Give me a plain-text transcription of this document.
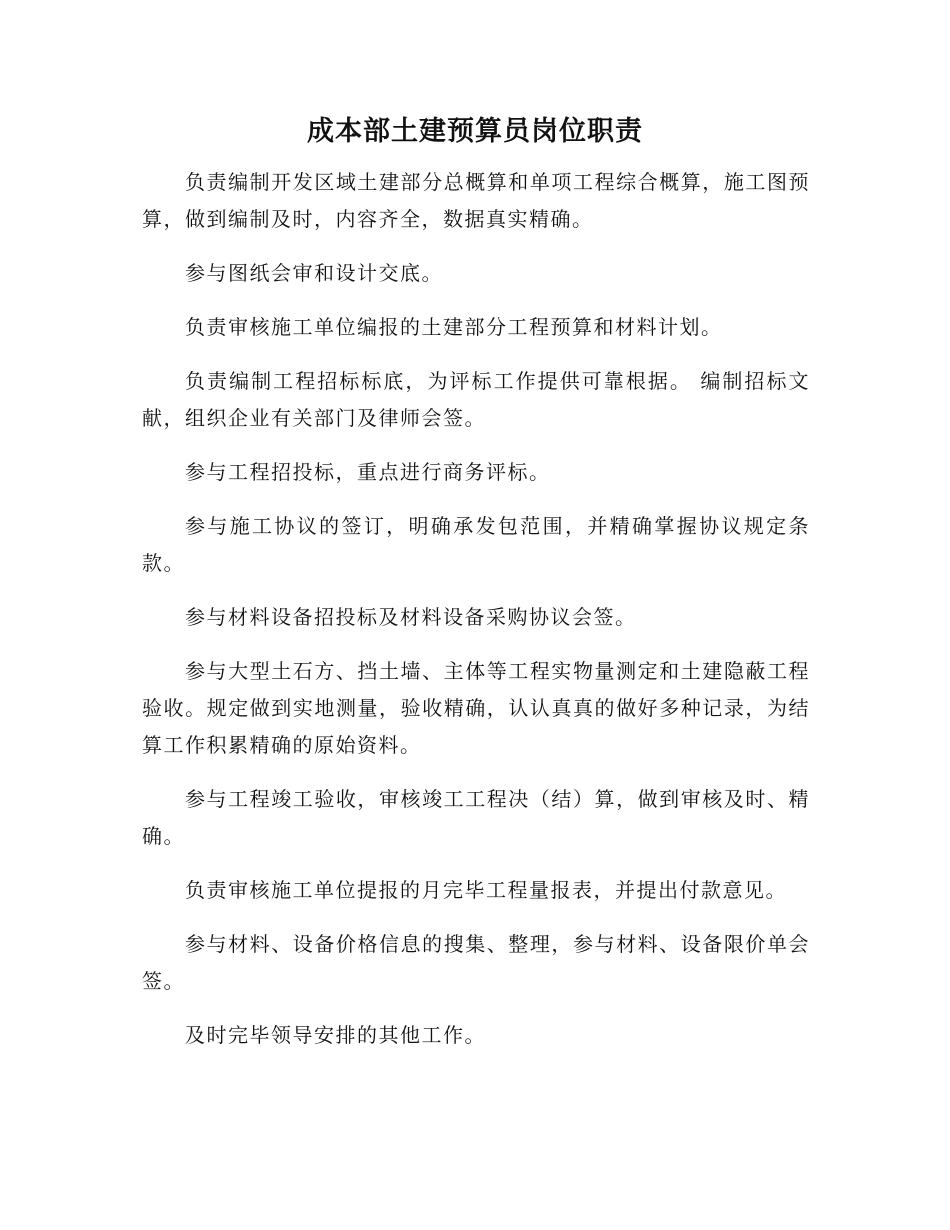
成本部土建预算员岗位职责

负责编制开发区域土建部分总概算和单项工程综合概算，施工图预算，做到编制及时，内容齐全，数据真实精确。

参与图纸会审和设计交底。

负责审核施工单位编报的土建部分工程预算和材料计划。

负责编制工程招标标底，为评标工作提供可靠根据。 编制招标文献，组织企业有关部门及律师会签。

参与工程招投标，重点进行商务评标。

参与施工协议的签订，明确承发包范围，并精确掌握协议规定条款。

参与材料设备招投标及材料设备采购协议会签。

参与大型土石方、挡土墙、主体等工程实物量测定和土建隐蔽工程验收。规定做到实地测量，验收精确，认认真真的做好多种记录，为结算工作积累精确的原始资料。

参与工程竣工验收，审核竣工工程决（结）算，做到审核及时、精确。

负责审核施工单位提报的月完毕工程量报表，并提出付款意见。

参与材料、设备价格信息的搜集、整理，参与材料、设备限价单会签。

及时完毕领导安排的其他工作。
